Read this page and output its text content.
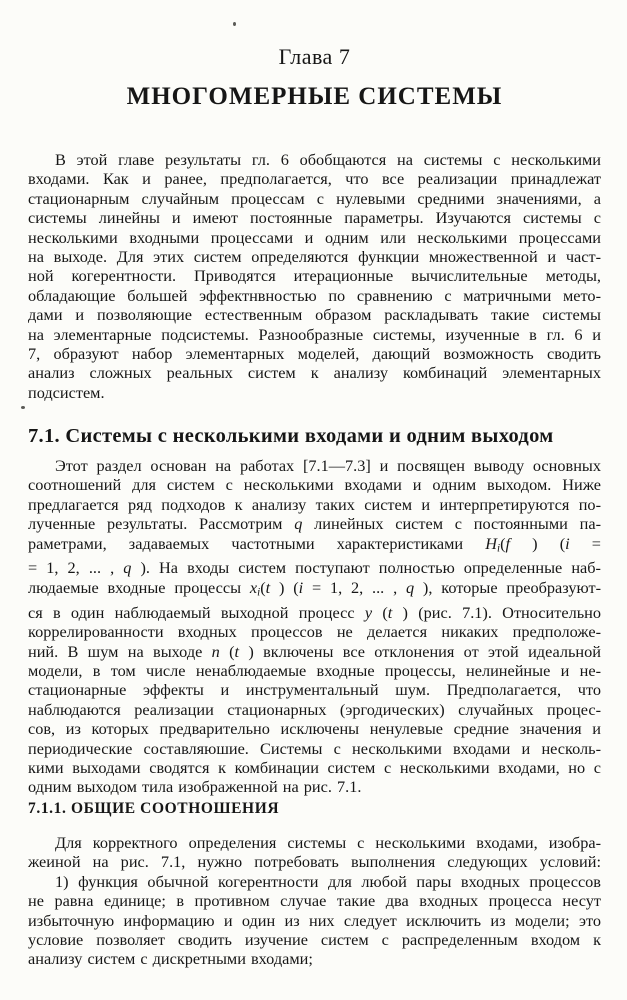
Глава 7
МНОГОМЕРНЫЕ СИСТЕМЫ
В этой главе результаты гл. 6 обобщаются на системы с несколькими
входами. Как и ранее, предполагается, что все реализации принадлежат
стационарным случайным процессам с нулевыми средними значениями, а
системы линейны и имеют постоянные параметры. Изучаются системы с
несколькими входными процессами и одним или несколькими процессами
на выходе. Для этих систем определяются функции множественной и част-
ной когерентности. Приводятся итерационные вычислительные методы,
обладающие большей эффектнвностью по сравнению с матричными мето-
дами и позволяющие естественным образом раскладывать такие системы
на элементарные подсистемы. Разнообразные системы, изученные в гл. 6 и
7, образуют набор элементарных моделей, дающий возможность сводить
анализ сложных реальных систем к анализу комбинаций элементарных
подсистем.
7.1. Системы с несколькими входами и одним выходом
Этот раздел основан на работах [7.1—7.3] и посвящен выводу основных
соотношений для систем с несколькими входами и одним выходом. Ниже
предлагается ряд подходов к анализу таких систем и интерпретируются по-
лученные результаты. Рассмотрим q линейных систем с постоянными па-
раметрами, задаваемых частотными характеристиками $H_i(f$ ) (i =
= 1, 2, ... , q ). На входы систем поступают полностью определенные наб-
людаемые входные процессы $x_i(t$ ) (i = 1, 2, ... , q ), которые преобразуют-
ся в один наблюдаемый выходной процесс y (t ) (рис. 7.1). Относительно
коррелированности входных процессов не делается никаких предположе-
ний. В шум на выходе n (t ) включены все отклонения от этой идеальной
модели, в том числе ненаблюдаемые входные процессы, нелинейные и не-
стационарные эффекты и инструментальный шум. Предполагается, что
наблюдаются реализации стационарных (эргодических) случайных процес-
сов, из которых предварительно исключены ненулевые средние значения и
периодические составляюшие. Системы с несколькими входами и несколь-
кими выходами сводятся к комбинации систем с несколькими входами, но с
одним выходом тила изображенной на рис. 7.1.
7.1.1. ОБЩИЕ СООТНОШЕНИЯ
Для корректного определения системы с несколькими входами, изобра-
жеиной на рис. 7.1, нужно потребовать выполнения следующих условий:
1) функция обычной когерентности для любой пары входных процессов
не равна единице; в противном случае такие два входных процесса несут
избыточную информацию и один из них следует исключить из модели; это
условие позволяет сводить изучение систем с распределенным входом к
анализу систем с дискретными входами;
